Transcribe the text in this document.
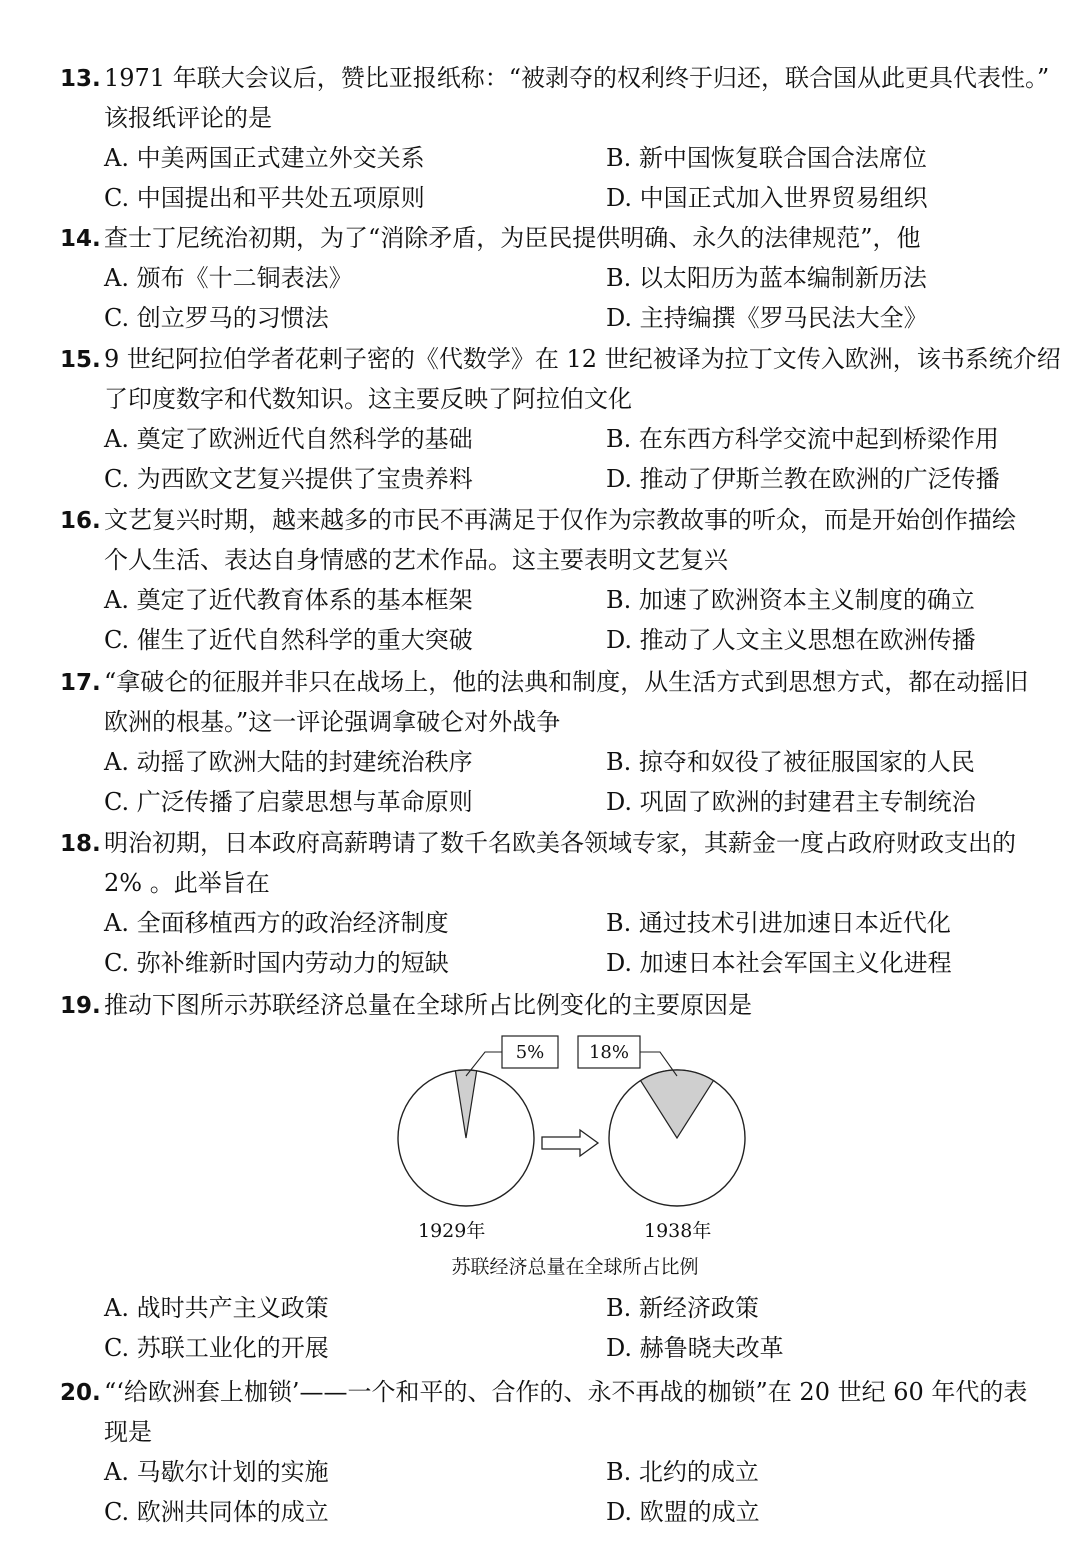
13. 1971 年联大会议后，赞比亚报纸称：“被剥夺的权利终于归还，联合国从此更具代表性。”
该报纸评论的是
A. 中美两国正式建立外交关系	B. 新中国恢复联合国合法席位
C. 中国提出和平共处五项原则	D. 中国正式加入世界贸易组织
14. 查士丁尼统治初期，为了“消除矛盾，为臣民提供明确、永久的法律规范”，他
A. 颁布《十二铜表法》	B. 以太阳历为蓝本编制新历法
C. 创立罗马的习惯法	D. 主持编撰《罗马民法大全》
15. 9 世纪阿拉伯学者花剌子密的《代数学》在 12 世纪被译为拉丁文传入欧洲，该书系统介绍
了印度数字和代数知识。这主要反映了阿拉伯文化
A. 奠定了欧洲近代自然科学的基础	B. 在东西方科学交流中起到桥梁作用
C. 为西欧文艺复兴提供了宝贵养料	D. 推动了伊斯兰教在欧洲的广泛传播
16. 文艺复兴时期，越来越多的市民不再满足于仅作为宗教故事的听众，而是开始创作描绘
个人生活、表达自身情感的艺术作品。这主要表明文艺复兴
A. 奠定了近代教育体系的基本框架	B. 加速了欧洲资本主义制度的确立
C. 催生了近代自然科学的重大突破	D. 推动了人文主义思想在欧洲传播
17. “拿破仑的征服并非只在战场上，他的法典和制度，从生活方式到思想方式，都在动摇旧
欧洲的根基。”这一评论强调拿破仑对外战争
A. 动摇了欧洲大陆的封建统治秩序	B. 掠夺和奴役了被征服国家的人民
C. 广泛传播了启蒙思想与革命原则	D. 巩固了欧洲的封建君主专制统治
18. 明治初期，日本政府高薪聘请了数千名欧美各领域专家，其薪金一度占政府财政支出的
2% 。此举旨在
A. 全面移植西方的政治经济制度	B. 通过技术引进加速日本近代化
C. 弥补维新时国内劳动力的短缺	D. 加速日本社会军国主义化进程
19. 推动下图所示苏联经济总量在全球所占比例变化的主要原因是
5% 18%
1929年	1938年
苏联经济总量在全球所占比例
A. 战时共产主义政策	B. 新经济政策
C. 苏联工业化的开展	D. 赫鲁晓夫改革
20. “‘给欧洲套上枷锁’——一个和平的、合作的、永不再战的枷锁”在 20 世纪 60 年代的表
现是
A. 马歇尔计划的实施	B. 北约的成立
C. 欧洲共同体的成立	D. 欧盟的成立
